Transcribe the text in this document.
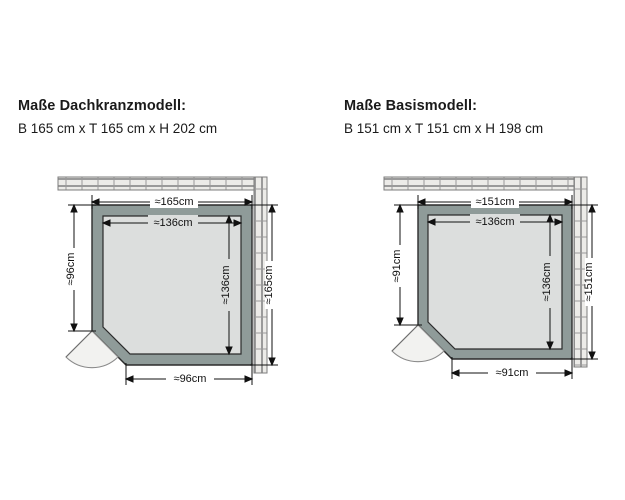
Maße Dachkranzmodell:
B 165 cm x T 165 cm x H 202 cm
≈165cm
≈136cm
≈96cm	≈136cm	≈165cm
≈96cm
Maße Basismodell:
B 151 cm x T 151 cm x H 198 cm
≈151cm
≈136cm
≈91cm	≈136cm	≈151cm
≈91cm
